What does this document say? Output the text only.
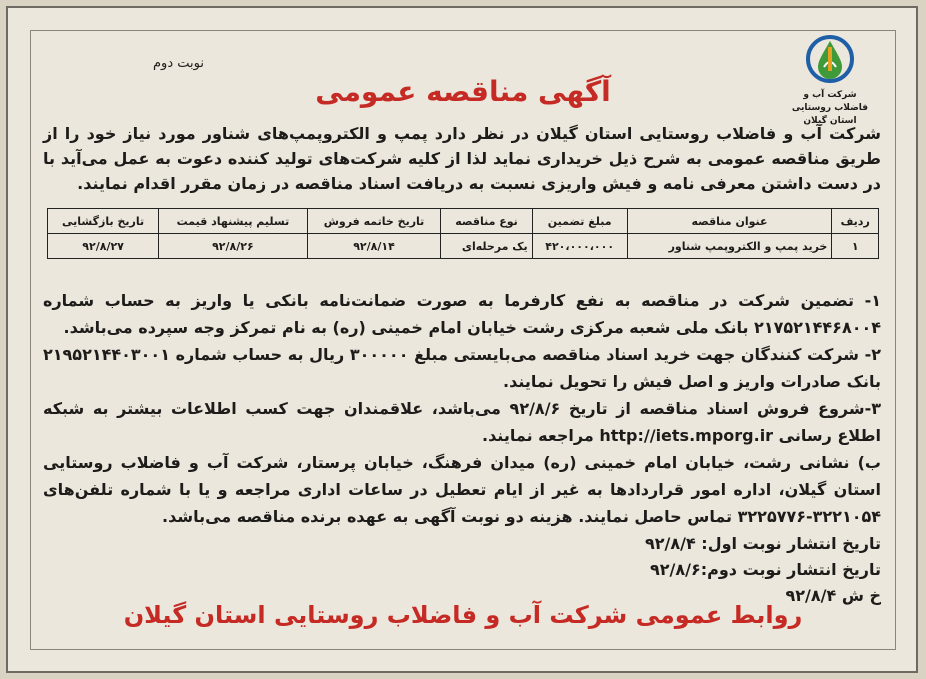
شرکت آب و فاضلاب روستایی
استان گیلان
نوبت دوم
آگهی مناقصه عمومی
شرکت آب و فاضلاب روستایی استان گیلان در نظر دارد پمپ و الکتروپمپ‌های شناور مورد نیاز خود را از طریق مناقصه عمومی به شرح ذیل خریداری نماید لذا از کلیه شرکت‌های تولید کننده دعوت به عمل می‌آید با در دست داشتن معرفی نامه و فیش واریزی نسبت به دریافت اسناد مناقصه در زمان مقرر اقدام نمایند.
ردیف	عنوان مناقصه	مبلغ تضمین	نوع مناقصه	تاریخ خاتمه فروش	تسلیم پیشنهاد قیمت	تاریخ بازگشایی
۱	خرید پمپ و الکتروپمپ شناور	۴۲۰،۰۰۰،۰۰۰	یک مرحله‌ای	۹۲/۸/۱۴	۹۲/۸/۲۶	۹۲/۸/۲۷

۱- تضمین شرکت در مناقصه به نفع کارفرما به صورت ضمانت‌نامه بانکی یا واریز به حساب شماره ۲۱۷۵۲۱۴۴۶۸۰۰۴ بانک ملی شعبه مرکزی رشت خیابان امام خمینی (ره) به نام تمرکز وجه سپرده می‌باشد.

۲- شرکت کنندگان جهت خرید اسناد مناقصه می‌بایستی مبلغ ۳۰۰۰۰۰ ریال به حساب شماره ۲۱۹۵۲۱۴۴۰۳۰۰۱ بانک صادرات واریز و اصل فیش را تحویل نمایند.

۳-شروع فروش اسناد مناقصه از تاریخ ۹۲/۸/۶ می‌باشد، علاقمندان جهت کسب اطلاعات بیشتر به شبکه اطلاع رسانی http://iets.mporg.ir مراجعه نمایند.

ب) نشانی رشت، خیابان امام خمینی (ره) میدان فرهنگ، خیابان پرستار، شرکت آب و فاضلاب روستایی استان گیلان، اداره امور قراردادها به غیر از ایام تعطیل در ساعات اداری مراجعه و یا با شماره تلفن‌های ۳۲۲۱۰۵۴-۳۲۲۵۷۷۶ تماس حاصل نمایند. هزینه دو نوبت آگهی به عهده برنده مناقصه می‌باشد.

تاریخ انتشار نوبت اول: ۹۲/۸/۴

تاریخ انتشار نوبت دوم:۹۲/۸/۶

خ ش ۹۲/۸/۴

روابط عمومی شرکت آب و فاضلاب روستایی استان گیلان
